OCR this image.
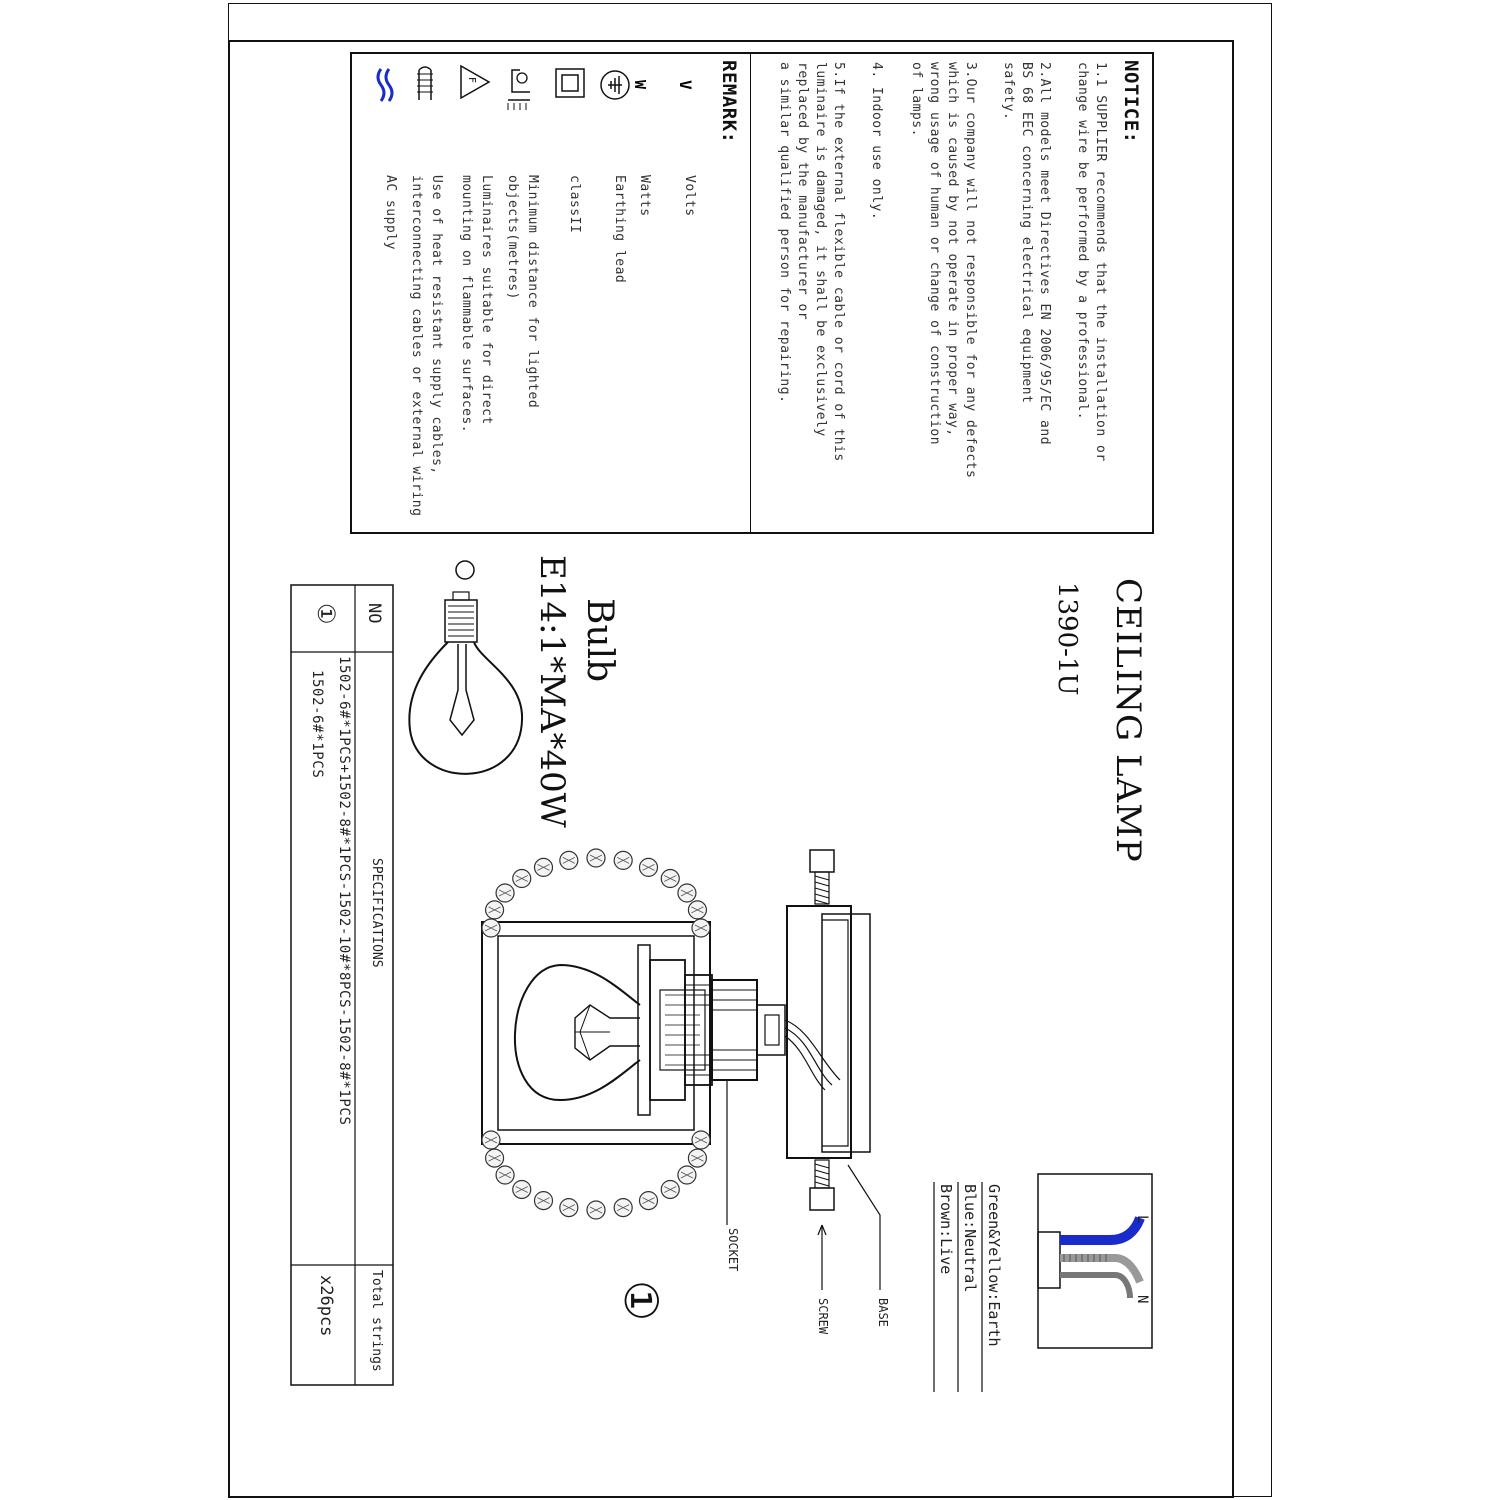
NOTICE:
1.1 SUPPLIER recommends that the installation or
change wire be performed by a professional.
2.All models meet Directives EN 2006/95/EC and
BS 68 EEC concerning electrical equipment
safety.
3.Our company will not responsible for any defects
which is caused by not operate in proper way,
wrong usage of human or change of construction
of lamps.
4. Indoor use only.
5.If the external flexible cable or cord of this
luminaire is damaged, it shall be exclusively
replaced by the manufacturer or
a similar qualified person for repairing.
REMARK:
V
W
F
Volts
Watts
Earthing lead
classII
Minimum distance for lighted
objects(metres)
Luminaires suitable for direct
mounting on flammable surfaces.
Use of heat resistant supply cables,
interconnecting cables or external wiring
AC supply
CEILING LAMP
1390-1U
Bulb
E14:1*MA*40W
①
L
N
Green&Yellow:Earth
Blue:Neutral
Brown:Live
BASE
SCREW
SOCKET
NO
SPECIFICATIONS
Total strings
①
1502-6#*1PCS+1502-8#*1PCS-1502-10#*8PCS-1502-8#*1PCS
1502-6#*1PCS
x26pcs
